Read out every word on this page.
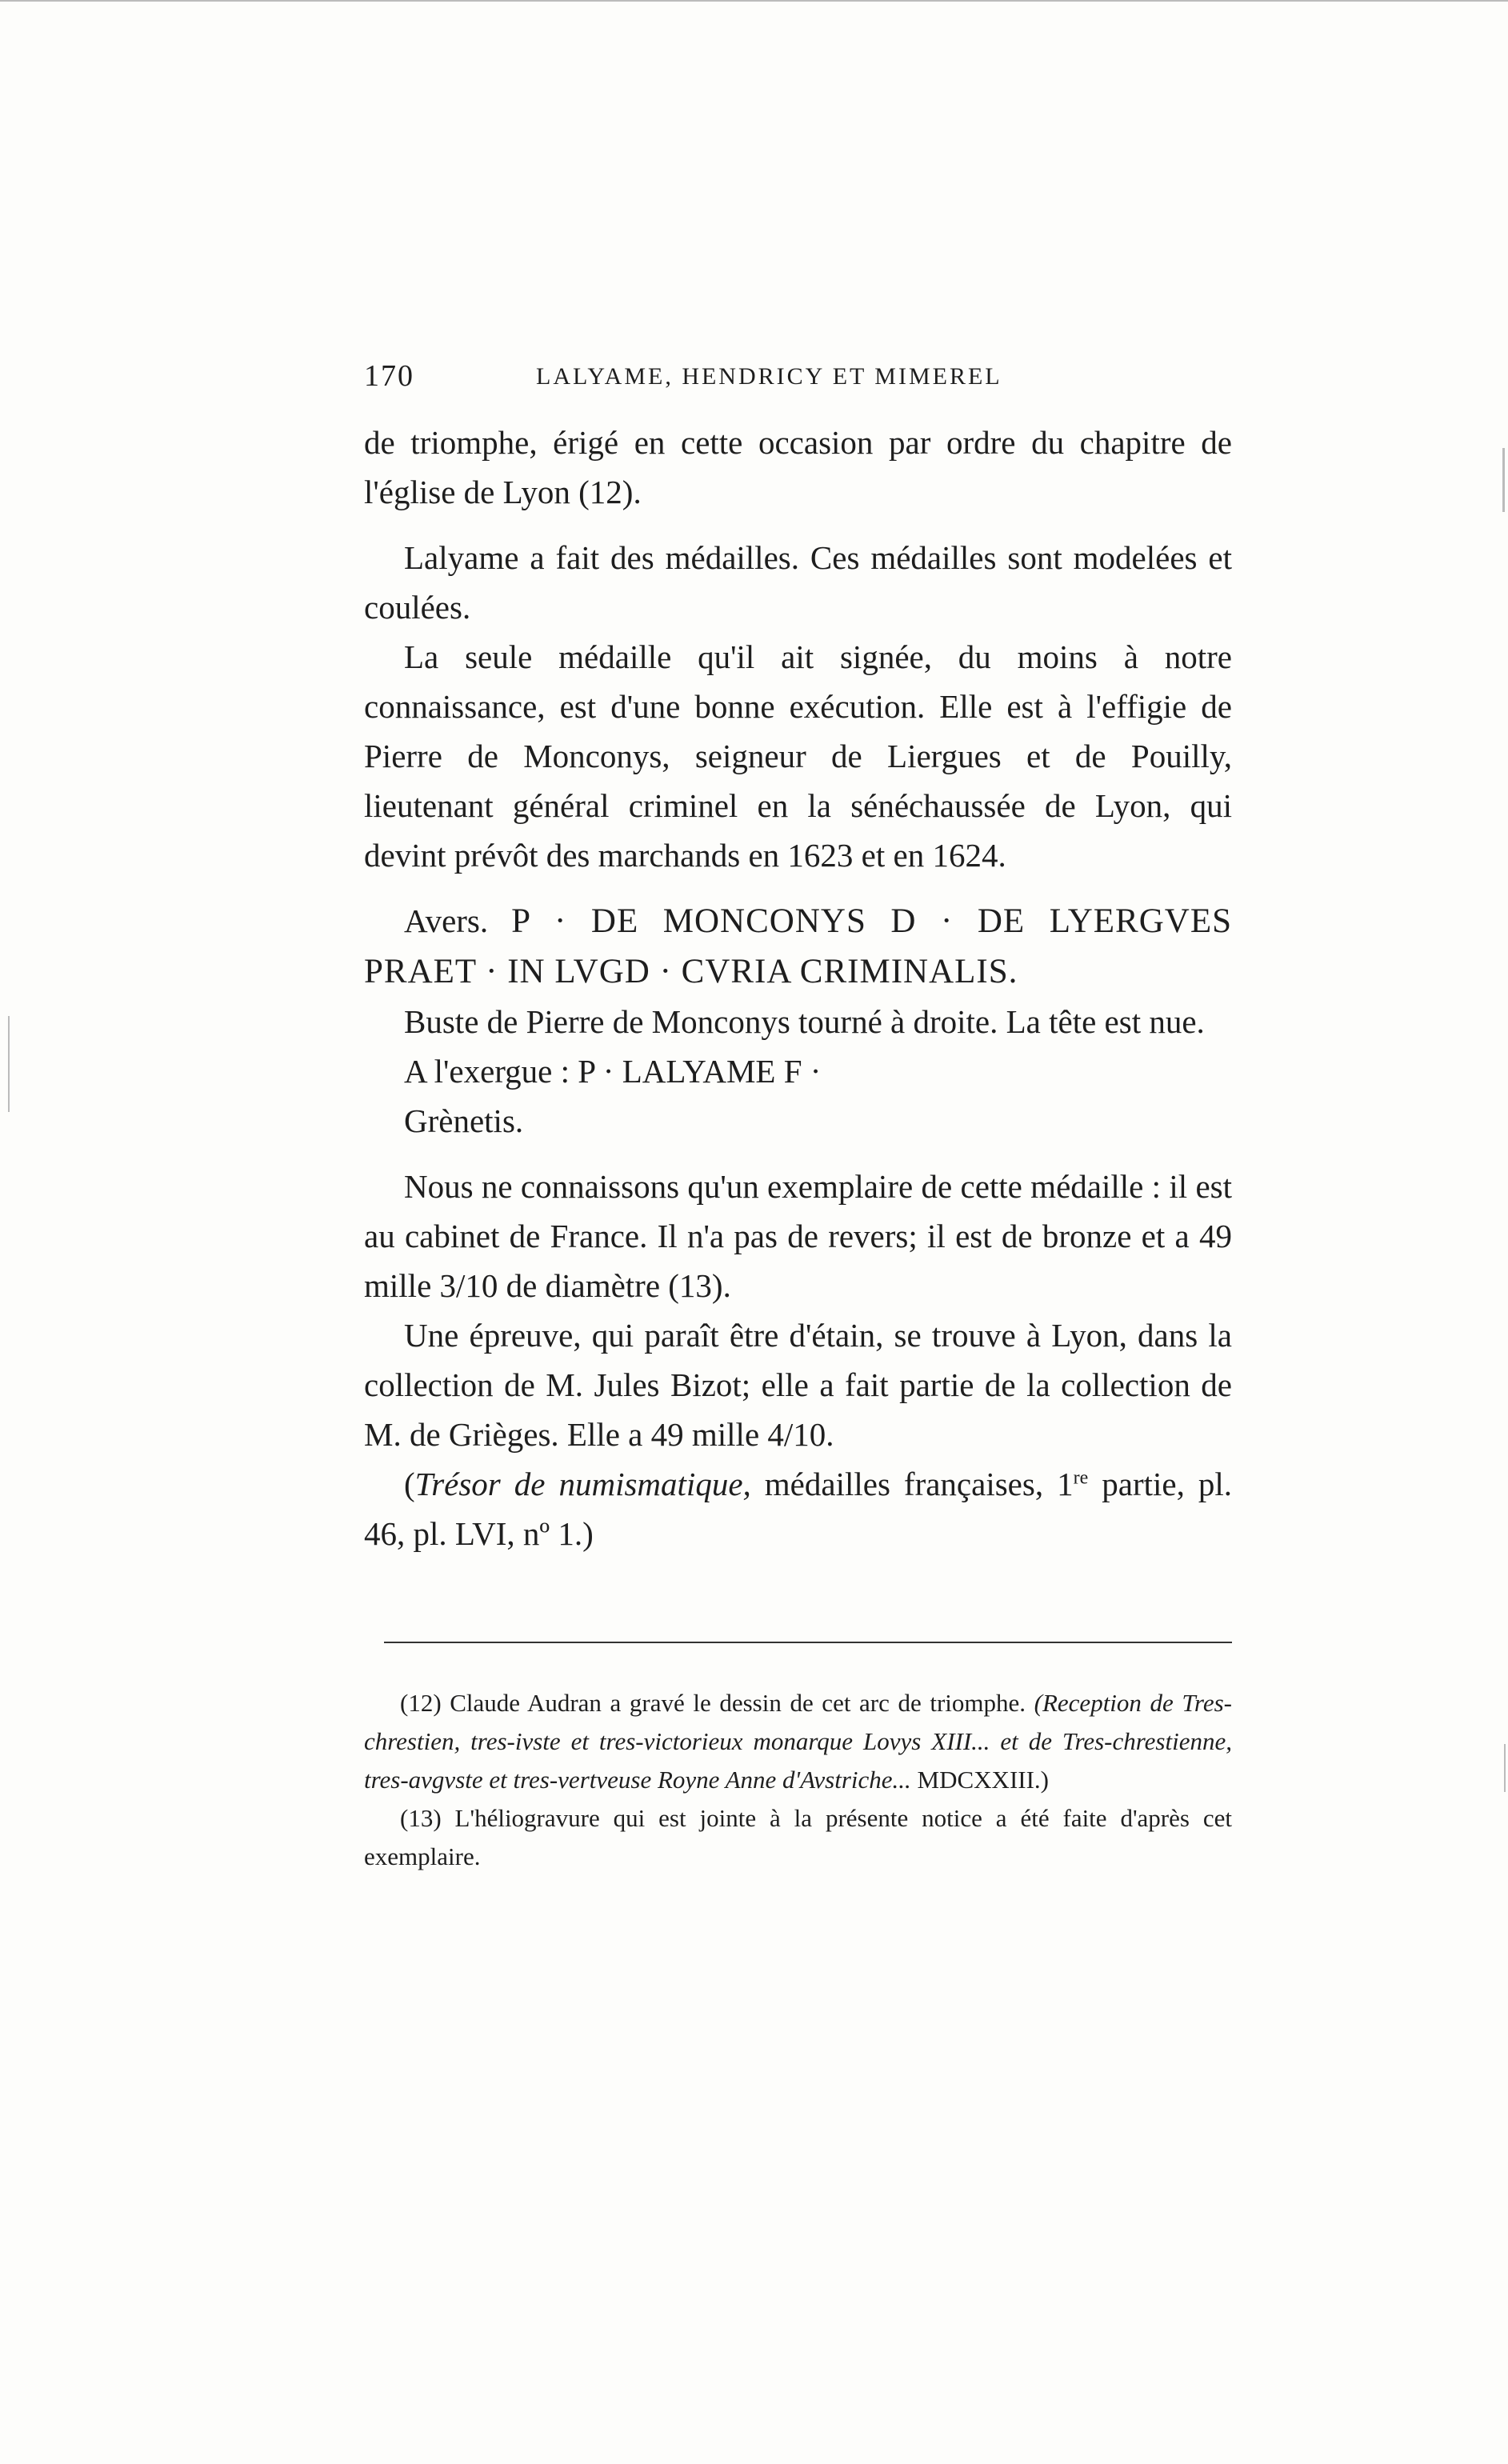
170	LALYAME, HENDRICY ET MIMEREL

de triomphe, érigé en cette occasion par ordre du chapitre de l'église de Lyon (12).

Lalyame a fait des médailles. Ces médailles sont modelées et coulées.

La seule médaille qu'il ait signée, du moins à notre connaissance, est d'une bonne exécution. Elle est à l'effigie de Pierre de Monconys, seigneur de Liergues et de Pouilly, lieutenant général criminel en la sénéchaussée de Lyon, qui devint prévôt des marchands en 1623 et en 1624.

Avers. P · DE MONCONYS D · DE LYERGVES PRAET · IN LVGD · CVRIA CRIMINALIS.

Buste de Pierre de Monconys tourné à droite. La tête est nue.

A l'exergue : P · LALYAME F ·

Grènetis.

Nous ne connaissons qu'un exemplaire de cette médaille : il est au cabinet de France. Il n'a pas de revers; il est de bronze et a 49 mille 3/10 de diamètre (13).

Une épreuve, qui paraît être d'étain, se trouve à Lyon, dans la collection de M. Jules Bizot; elle a fait partie de la collection de M. de Grièges. Elle a 49 mille 4/10.

(Trésor de numismatique, médailles françaises, 1re partie, pl. 46, pl. LVI, nº 1.)

(12) Claude Audran a gravé le dessin de cet arc de triomphe. (Reception de Tres-chrestien, tres-ivste et tres-victorieux monarque Lovys XIII... et de Tres-chrestienne, tres-avgvste et tres-vertveuse Royne Anne d'Avstriche... MDCXXIII.)

(13) L'héliogravure qui est jointe à la présente notice a été faite d'après cet exemplaire.
